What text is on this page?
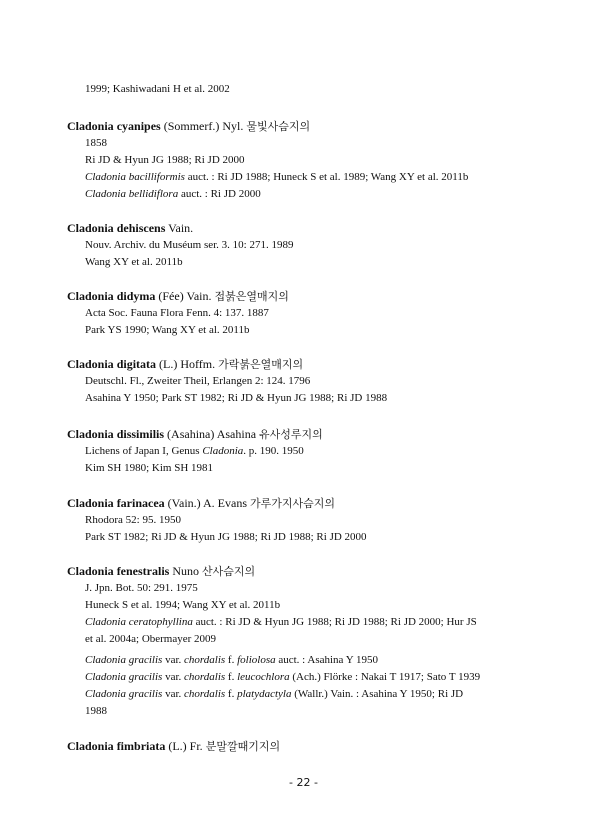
1999; Kashiwadani H et al. 2002
Cladonia cyanipes (Sommerf.) Nyl. 물빛사슴지의
1858
Ri JD & Hyun JG 1988; Ri JD 2000
Cladonia bacilliformis auct. : Ri JD 1988; Huneck S et al. 1989; Wang XY et al. 2011b
Cladonia bellidiflora auct. : Ri JD 2000
Cladonia dehiscens Vain.
Nouv. Archiv. du Muséum ser. 3. 10: 271. 1989
Wang XY et al. 2011b
Cladonia didyma (Fée) Vain. 접붉은열매지의
Acta Soc. Fauna Flora Fenn. 4: 137. 1887
Park YS 1990; Wang XY et al. 2011b
Cladonia digitata (L.) Hoffm. 가락붉은열매지의
Deutschl. Fl., Zweiter Theil, Erlangen 2: 124. 1796
Asahina Y 1950; Park ST 1982; Ri JD & Hyun JG 1988; Ri JD 1988
Cladonia dissimilis (Asahina) Asahina 유사성루지의
Lichens of Japan I, Genus Cladonia. p. 190. 1950
Kim SH 1980; Kim SH 1981
Cladonia farinacea (Vain.) A. Evans 가루가지사슴지의
Rhodora 52: 95. 1950
Park ST 1982; Ri JD & Hyun JG 1988; Ri JD 1988; Ri JD 2000
Cladonia fenestralis Nuno 산사슴지의
J. Jpn. Bot. 50: 291. 1975
Huneck S et al. 1994; Wang XY et al. 2011b
Cladonia ceratophyllina auct. : Ri JD & Hyun JG 1988; Ri JD 1988; Ri JD 2000; Hur JS
et al. 2004a; Obermayer 2009
Cladonia gracilis var. chordalis f. foliolosa auct. : Asahina Y 1950
Cladonia gracilis var. chordalis f. leucochlora (Ach.) Flörke : Nakai T 1917; Sato T 1939
Cladonia gracilis var. chordalis f. platydactyla (Wallr.) Vain. : Asahina Y 1950; Ri JD
1988
Cladonia fimbriata (L.) Fr. 분말깔때기지의
- 22 -
